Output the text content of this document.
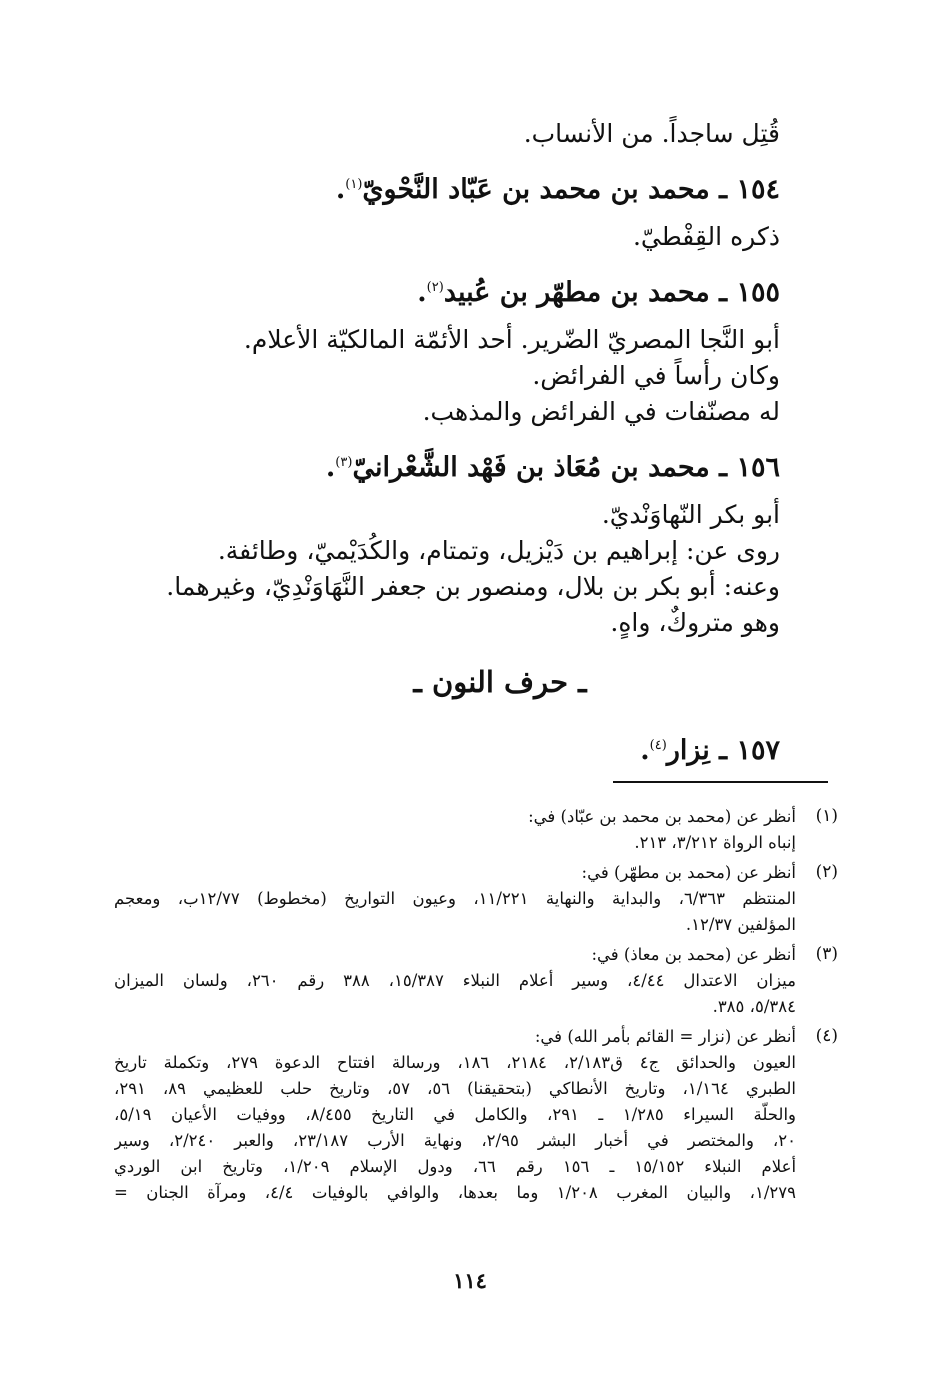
قُتِل ساجداً. من الأنساب.

١٥٤ ـ محمد بن محمد بن عَبّاد النَّحْويّ$^{(١)}$.

ذكره القِفْطيّ.

١٥٥ ـ محمد بن مطهّر بن عُبيد$^{(٢)}$.

أبو النَّجا المصريّ الضّرير. أحد الأئمّة المالكيّة الأعلام.

وكان رأساً في الفرائض.

له مصنّفات في الفرائض والمذهب.

١٥٦ ـ محمد بن مُعَاذ بن فَهْد الشَّعْرانيّ$^{(٣)}$.

أبو بكر النّهاوَنْديّ.

روى عن: إبراهيم بن دَيْزيل، وتمتام، والكُدَيْميّ، وطائفة.

وعنه: أبو بكر بن بلال، ومنصور بن جعفر النَّهَاوَنْدِيّ، وغيرهما.

وهو متروكٌ، واهٍ.

ـ حرف النون ـ

١٥٧ ـ نِزار$^{(٤)}$.

(١)
أنظر عن (محمد بن محمد بن عبّاد) في:
إنباه الرواة ٣/٢١٢، ٢١٣.
(٢)
أنظر عن (محمد بن مطهّر) في:
المنتظم ٦/٣٦٣، والبداية والنهاية ١١/٢٢١، وعيون التواريخ (مخطوط) ١٢/٧٧ب، ومعجم
المؤلفين ١٢/٣٧.
(٣)
أنظر عن (محمد بن معاذ) في:
ميزان الاعتدال ٤/٤٤، وسير أعلام النبلاء ١٥/٣٨٧، ٣٨٨ رقم ٢٦٠، ولسان الميزان
٥/٣٨٤، ٣٨٥.
(٤)
أنظر عن (نزار = القائم بأمر الله) في:
العيون والحدائق ج٤ ق٢/١٨٣، ٢١٨٤، ١٨٦، ورسالة افتتاح الدعوة ٢٧٩، وتكملة تاريخ
الطبري ١/١٦٤، وتاريخ الأنطاكي (بتحقيقنا) ٥٦، ٥٧، وتاريخ حلب للعظيمي ٨٩، ٢٩١،
والحلّة السيراء ١/٢٨٥ ـ ٢٩١، والكامل في التاريخ ٨/٤٥٥، ووفيات الأعيان ٥/١٩،
٢٠، والمختصر في أخبار البشر ٢/٩٥، ونهاية الأرب ٢٣/١٨٧، والعبر ٢/٢٤٠، وسير
أعلام النبلاء ١٥/١٥٢ ـ ١٥٦ رقم ٦٦، ودول الإسلام ١/٢٠٩، وتاريخ ابن الوردي
١/٢٧٩، والبيان المغرب ١/٢٠٨ وما بعدها، والوافي بالوفيات ٤/٤، ومرآة الجنان =
١١٤
